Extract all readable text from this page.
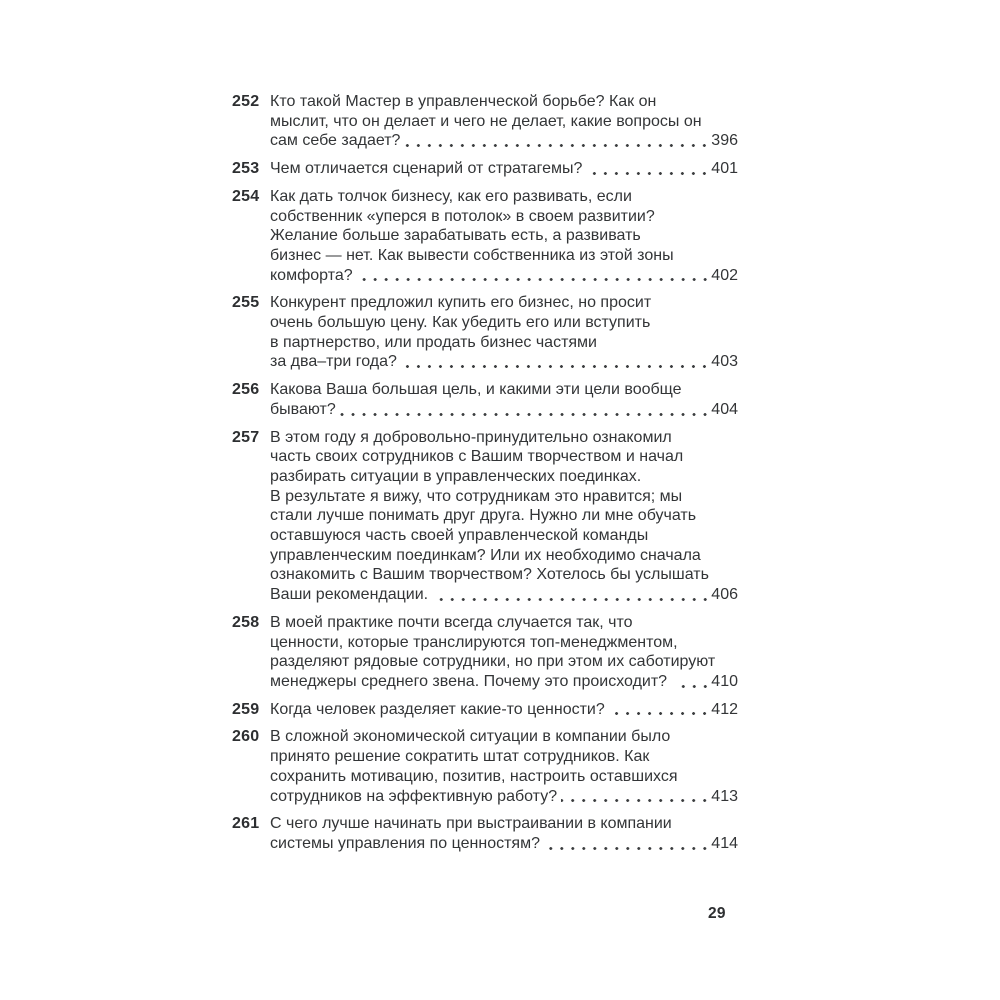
252 Кто такой Мастер в управленческой борьбе? Как он
мыслит, что он делает и чего не делает, какие вопросы он
сам себе задает?	396
253 Чем отличается сценарий от стратагемы?	401
254 Как дать толчок бизнесу, как его развивать, если
собственник «уперся в потолок» в своем развитии?
Желание больше зарабатывать есть, а развивать
бизнес — нет. Как вывести собственника из этой зоны
комфорта?	402
255 Конкурент предложил купить его бизнес, но просит
очень большую цену. Как убедить его или вступить
в партнерство, или продать бизнес частями
за два–три года?	403
256 Какова Ваша большая цель, и какими эти цели вообще
бывают?	404
257 В этом году я добровольно-принудительно ознакомил
часть своих сотрудников с Вашим творчеством и начал
разбирать ситуации в управленческих поединках.
В результате я вижу, что сотрудникам это нравится; мы
стали лучше понимать друг друга. Нужно ли мне обучать
оставшуюся часть своей управленческой команды
управленческим поединкам? Или их необходимо сначала
ознакомить с Вашим творчеством? Хотелось бы услышать
Ваши рекомендации.	406
258 В моей практике почти всегда случается так, что
ценности, которые транслируются топ-менеджментом,
разделяют рядовые сотрудники, но при этом их саботируют
менеджеры среднего звена. Почему это происходит? 410
259 Когда человек разделяет какие-то ценности?	412
260 В сложной экономической ситуации в компании было
принято решение сократить штат сотрудников. Как
сохранить мотивацию, позитив, настроить оставшихся
сотрудников на эффективную работу?	413
261 С чего лучше начинать при выстраивании в компании
системы управления по ценностям?	414
29
